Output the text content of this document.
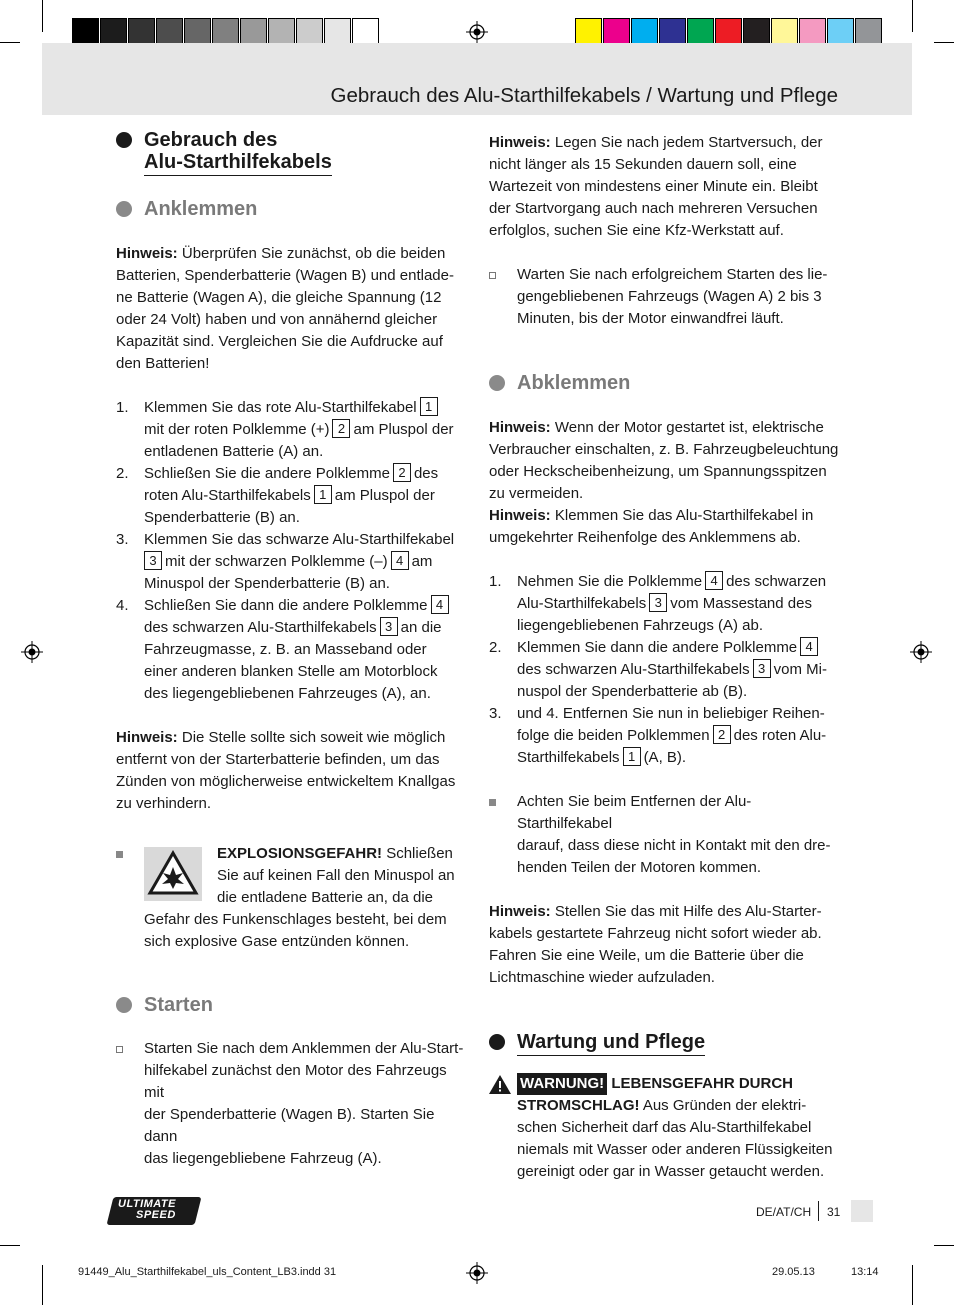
Gebrauch des Alu-Starthilfekabels / Wartung und Pflege
Gebrauch des
Alu-Starthilfekabels
Anklemmen

Hinweis: Überprüfen Sie zunächst, ob die beiden
Batterien, Spenderbatterie (Wagen B) und entlade-
ne Batterie (Wagen A), die gleiche Spannung (12
oder 24 Volt) haben und von annähernd gleicher
Kapazität sind. Vergleichen Sie die Aufdrucke auf
den Batterien!

1. Klemmen Sie das rote Alu-Starthilfekabel 1
mit der roten Polklemme (+) 2 am Pluspol der
entladenen Batterie (A) an.
2. Schließen Sie die andere Polklemme 2 des
roten Alu-Starthilfekabels 1 am Pluspol der
Spenderbatterie (B) an.
3. Klemmen Sie das schwarze Alu-Starthilfekabel
3 mit der schwarzen Polklemme (–) 4 am
Minuspol der Spenderbatterie (B) an.
4. Schließen Sie dann die andere Polklemme 4
des schwarzen Alu-Starthilfekabels 3 an die
Fahrzeugmasse, z. B. an Masseband oder
einer anderen blanken Stelle am Motorblock
des liegengebliebenen Fahrzeuges (A), an.

Hinweis: Die Stelle sollte sich soweit wie möglich
entfernt von der Starterbatterie befinden, um das
Zünden von möglicherweise entwickeltem Knallgas
zu verhindern.

EXPLOSIONSGEFAHR! Schließen
Sie auf keinen Fall den Minuspol an
die entladene Batterie an, da die
Gefahr des Funkenschlages besteht, bei dem
sich explosive Gase entzünden können.
Starten
Starten Sie nach dem Anklemmen der Alu-Start-
hilfekabel zunächst den Motor des Fahrzeugs mit
der Spenderbatterie (Wagen B). Starten Sie dann
das liegengebliebene Fahrzeug (A).

Hinweis: Legen Sie nach jedem Startversuch, der
nicht länger als 15 Sekunden dauern soll, eine
Wartezeit von mindestens einer Minute ein. Bleibt
der Startvorgang auch nach mehreren Versuchen
erfolglos, suchen Sie eine Kfz-Werkstatt auf.

Warten Sie nach erfolgreichem Starten des lie-
gengebliebenen Fahrzeugs (Wagen A) 2 bis 3
Minuten, bis der Motor einwandfrei läuft.
Abklemmen

Hinweis: Wenn der Motor gestartet ist, elektrische
Verbraucher einschalten, z. B. Fahrzeugbeleuchtung
oder Heckscheibenheizung, um Spannungsspitzen
zu vermeiden.
Hinweis: Klemmen Sie das Alu-Starthilfekabel in
umgekehrter Reihenfolge des Anklemmens ab.

1. Nehmen Sie die Polklemme 4 des schwarzen
Alu-Starthilfekabels 3 vom Massestand des
liegengebliebenen Fahrzeugs (A) ab.
2. Klemmen Sie dann die andere Polklemme 4
des schwarzen Alu-Starthilfekabels 3 vom Mi-
nuspol der Spenderbatterie ab (B).
3. und 4. Entfernen Sie nun in beliebiger Reihen-
folge die beiden Polklemmen 2 des roten Alu-
Starthilfekabels 1 (A, B).
Achten Sie beim Entfernen der Alu-Starthilfekabel
darauf, dass diese nicht in Kontakt mit den dre-
henden Teilen der Motoren kommen.

Hinweis: Stellen Sie das mit Hilfe des Alu-Starter-
kabels gestartete Fahrzeug nicht sofort wieder ab.
Fahren Sie eine Weile, um die Batterie über die
Lichtmaschine wieder aufzuladen.

Wartung und Pflege
WARNUNG! LEBENSGEFAHR DURCH
STROMSCHLAG! Aus Gründen der elektri-
schen Sicherheit darf das Alu-Starthilfekabel
niemals mit Wasser oder anderen Flüssigkeiten
gereinigt oder gar in Wasser getaucht werden.
ULTIMATE
SPEED	DE/AT/CH 31
91449_Alu_Starthilfekabel_uls_Content_LB3.indd 31	29.05.13	13:14
